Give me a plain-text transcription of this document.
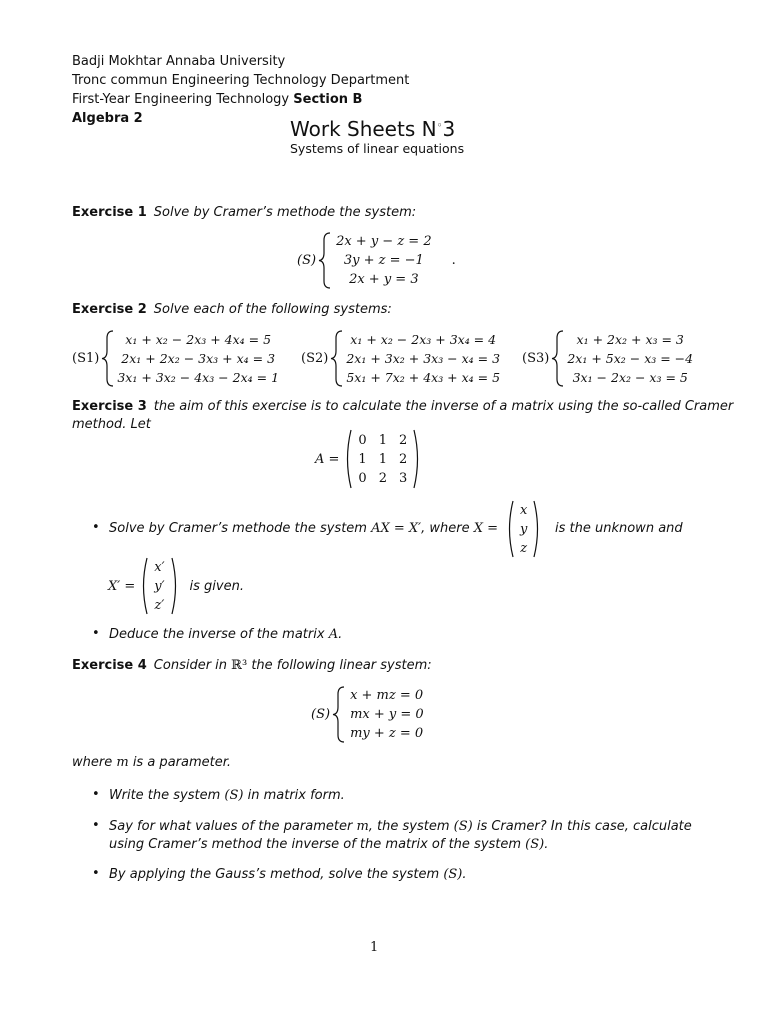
Badji Mokhtar Annaba University
Tronc commun Engineering Technology Department
First-Year Engineering Technology Section B
Algebra 2	Work Sheets N◦3
Systems of linear equations
Exercise 1 Solve by Cramer’s methode the system:
(S)
2x + y − z = 2
3y + z = −1
2x + y = 3
.
Exercise 2 Solve each of the following systems:
(S1)
x₁ + x₂ − 2x₃ + 4x₄ = 5
2x₁ + 2x₂ − 3x₃ + x₄ = 3
3x₁ + 3x₂ − 4x₃ − 2x₄ = 1
(S2)
x₁ + x₂ − 2x₃ + 3x₄ = 4
2x₁ + 3x₂ + 3x₃ − x₄ = 3
5x₁ + 7x₂ + 4x₃ + x₄ = 5
(S3)
x₁ + 2x₂ + x₃ = 3
2x₁ + 5x₂ − x₃ = −4
3x₁ − 2x₂ − x₃ = 5
Exercise 3 the aim of this exercise is to calculate the inverse of a matrix using the so-called Cramer
method. Let
A =
0	1	2
1	1	2
0	2	3
• Solve by Cramer’s methode the system AX = X′, where X =
x
y
z
is the unknown and
X′ =
x′
y′
z′
is given.
• Deduce the inverse of the matrix A.
Exercise 4 Consider in ℝ³ the following linear system:
(S)
x + mz = 0
mx + y = 0
my + z = 0
where m is a parameter.
• Write the system (S) in matrix form.
• Say for what values of the parameter m, the system (S) is Cramer? In this case, calculate
using Cramer’s method the inverse of the matrix of the system (S).
• By applying the Gauss’s method, solve the system (S).
1
